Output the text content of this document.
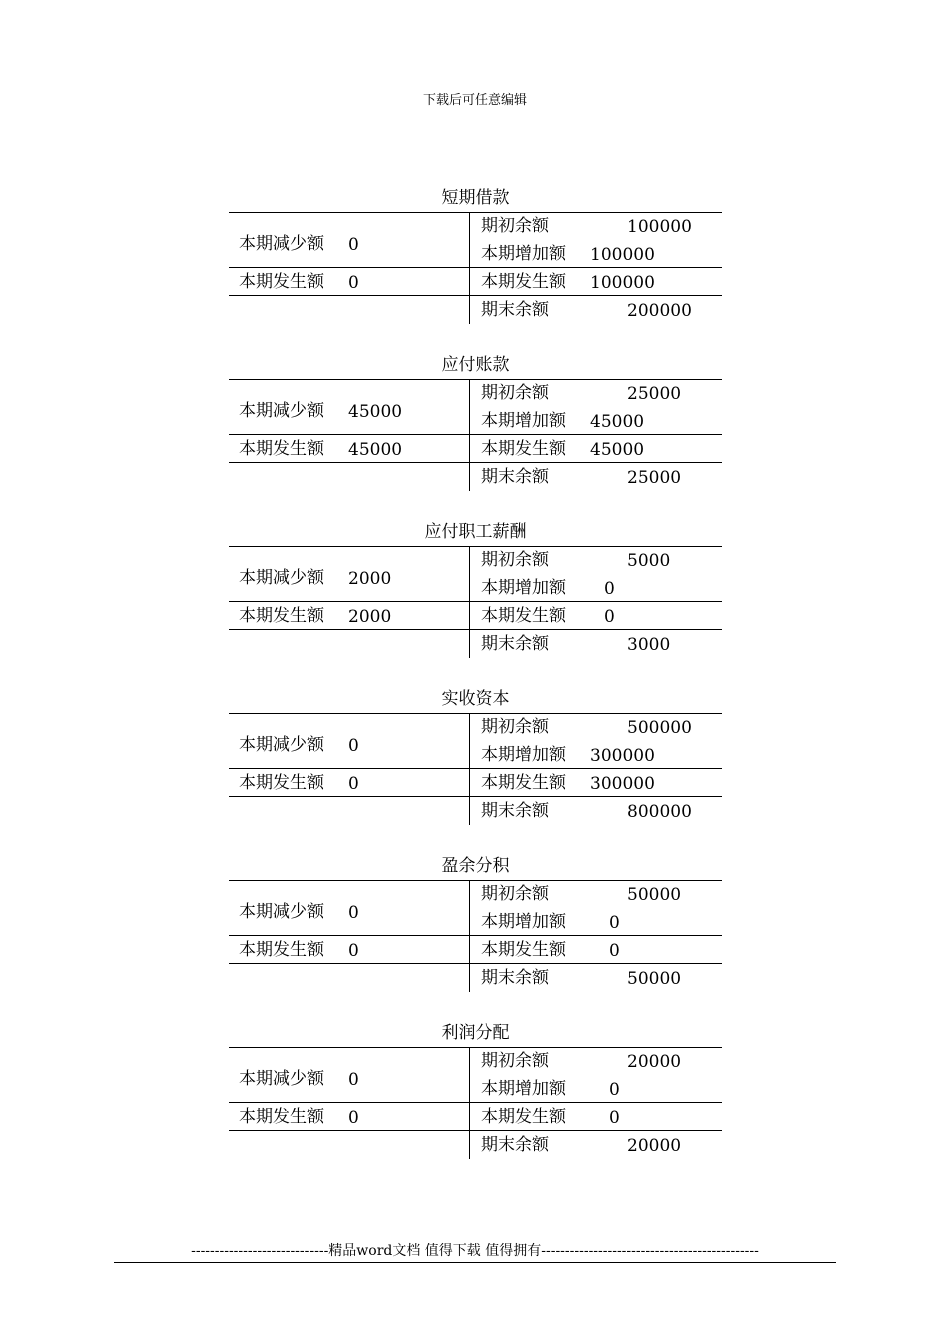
下载后可任意编辑
短期借款
本期减少额 0
本期发生额 0
期初余额	100000
本期增加额 100000
本期发生额 100000
期末余额	200000
应付账款
本期减少额 45000
本期发生额 45000
期初余额	25000
本期增加额 45000
本期发生额 45000
期末余额	25000
应付职工薪酬
本期减少额 2000
本期发生额 2000
期初余额	5000
本期增加额 0
本期发生额 0
期末余额	3000
实收资本
本期减少额 0
本期发生额 0
期初余额	500000
本期增加额 300000
本期发生额 300000
期末余额	800000
盈余分积
本期减少额 0
本期发生额 0
期初余额	50000
本期增加额	0
本期发生额	0
期末余额	50000
利润分配
本期减少额 0
本期发生额 0
期初余额	20000
本期增加额	0
本期发生额	0
期末余额	20000
-----------------------------精品word文档 值得下载 值得拥有----------------------------------------------
